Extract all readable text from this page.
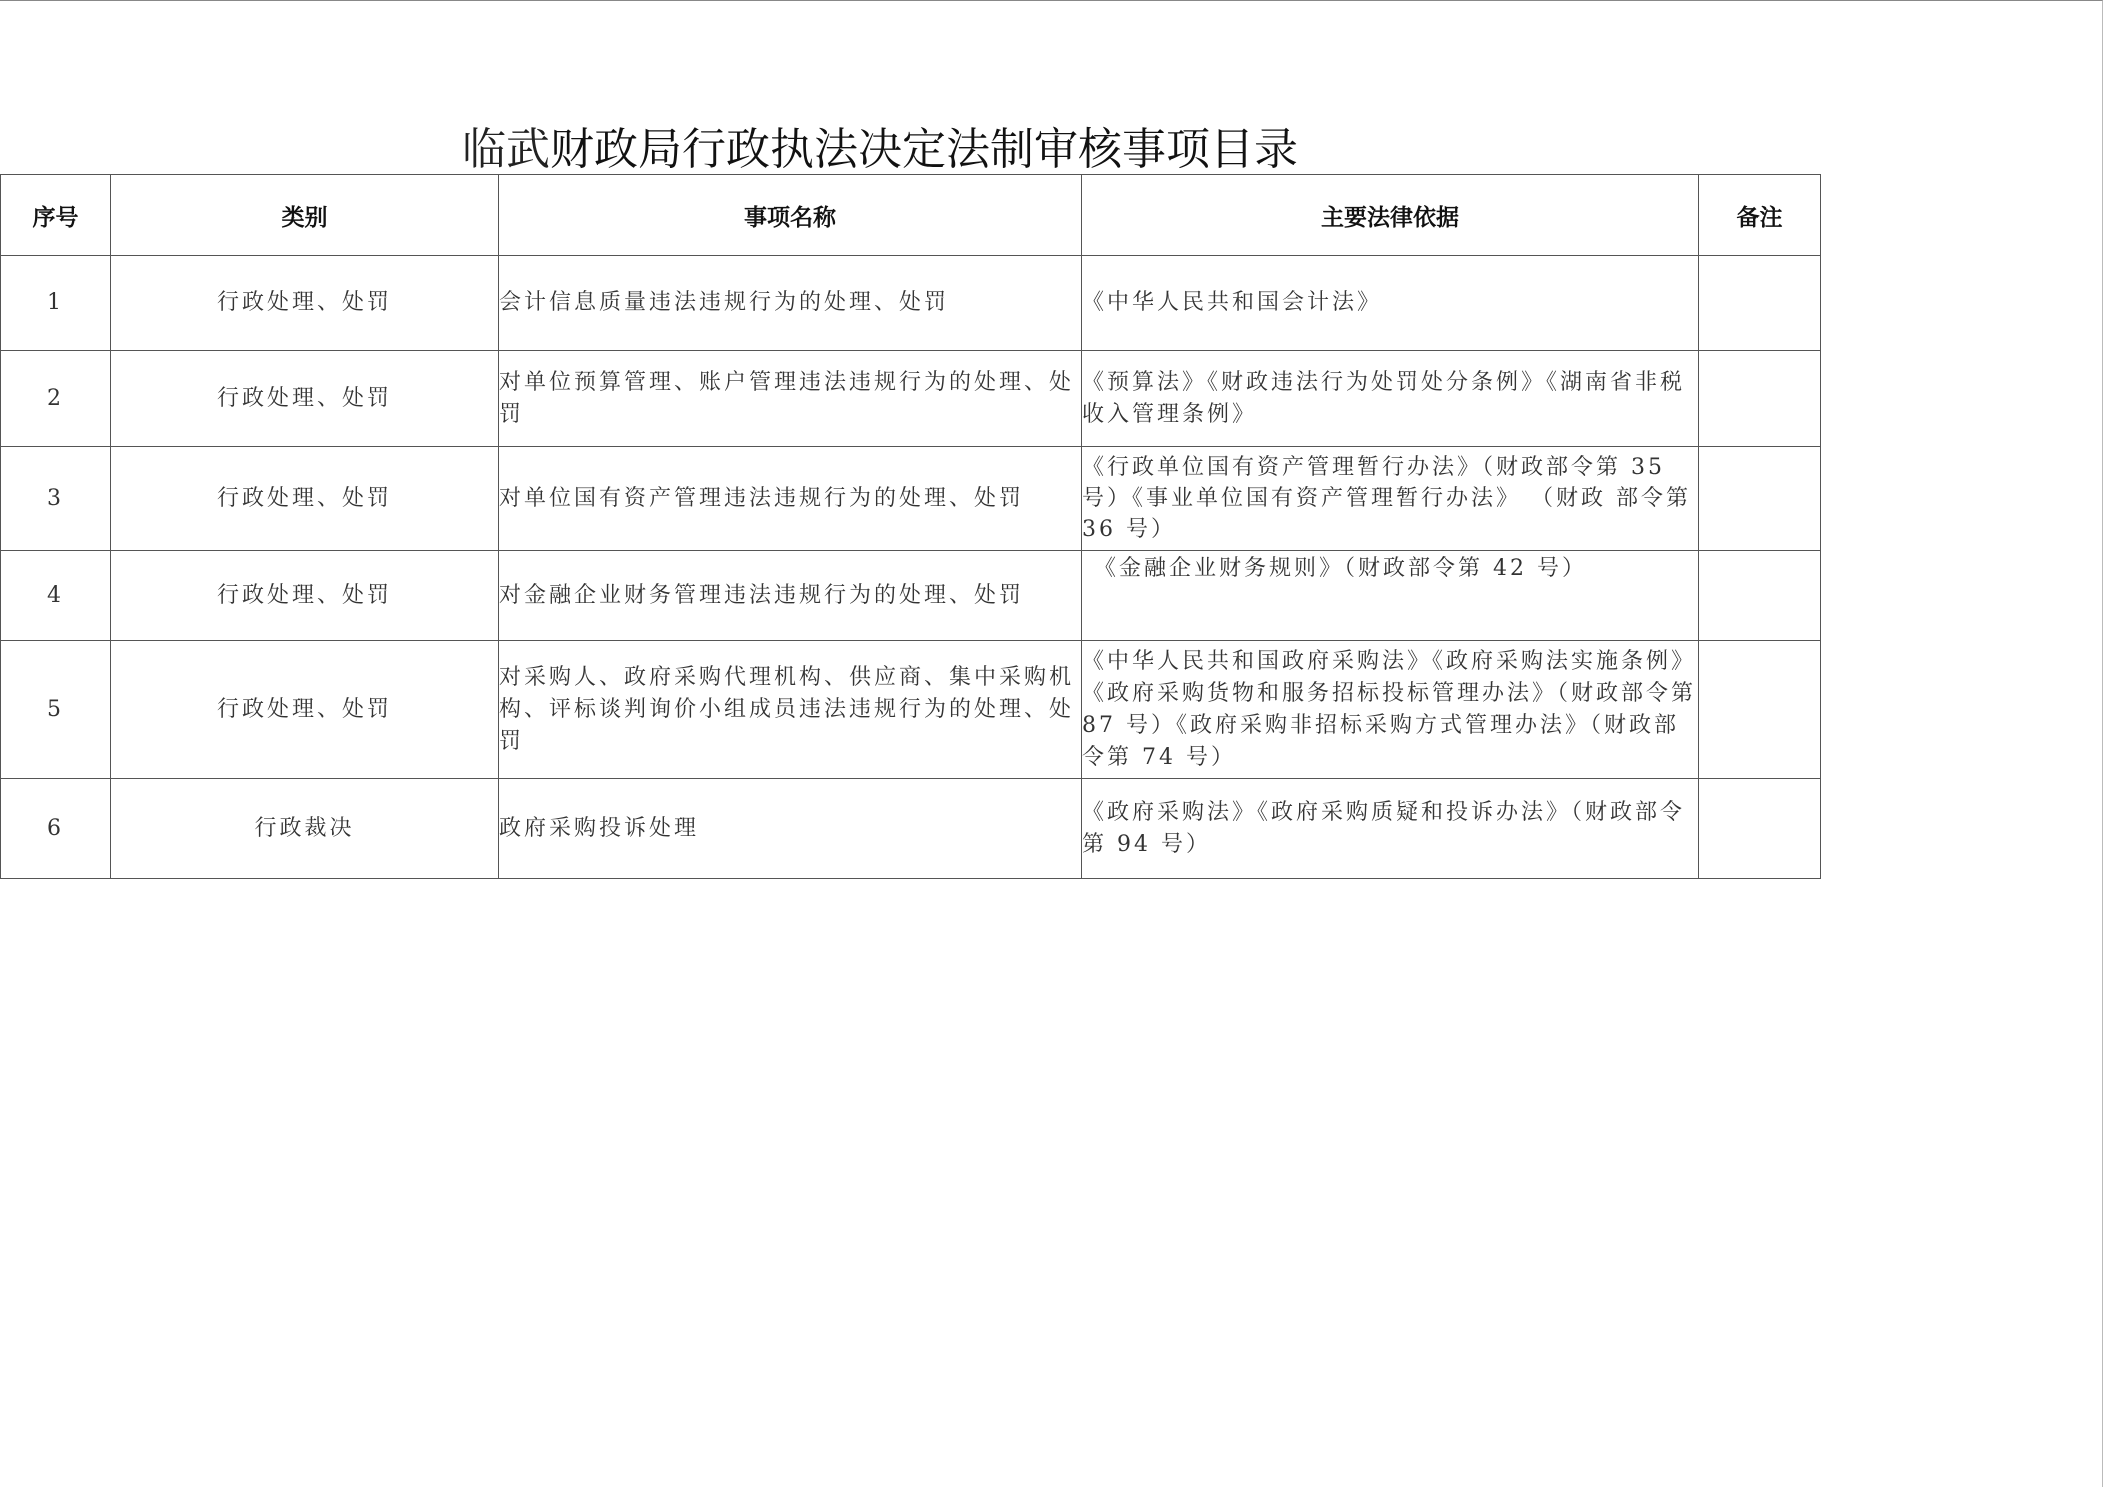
临武财政局行政执法决定法制审核事项目录
序号	类别	事项名称	主要法律依据	备注
1	行政处理、处罚	会计信息质量违法违规行为的处理、处罚	《中华人民共和国会计法》	
2	行政处理、处罚	对单位预算管理、账户管理违法违规行为的处理、处罚	《预算法》《财政违法行为处罚处分条例》《湖南省非税收入管理条例》	
3	行政处理、处罚	对单位国有资产管理违法违规行为的处理、处罚	《行政单位国有资产管理暂行办法》（财政部令第 35 号）《事业单位国有资产管理暂行办法》 （财政 部令第 36 号）	
4	行政处理、处罚	对金融企业财务管理违法违规行为的处理、处罚	《金融企业财务规则》（财政部令第 42 号）	
5	行政处理、处罚	对采购人、政府采购代理机构、供应商、集中采购机构、评标谈判询价小组成员违法违规行为的处理、处罚	《中华人民共和国政府采购法》《政府采购法实施条例》《政府采购货物和服务招标投标管理办法》（财政部令第 87 号）《政府采购非招标采购方式管理办法》（财政部令第 74 号）	
6	行政裁决	政府采购投诉处理	《政府采购法》《政府采购质疑和投诉办法》（财政部令第 94 号）	
